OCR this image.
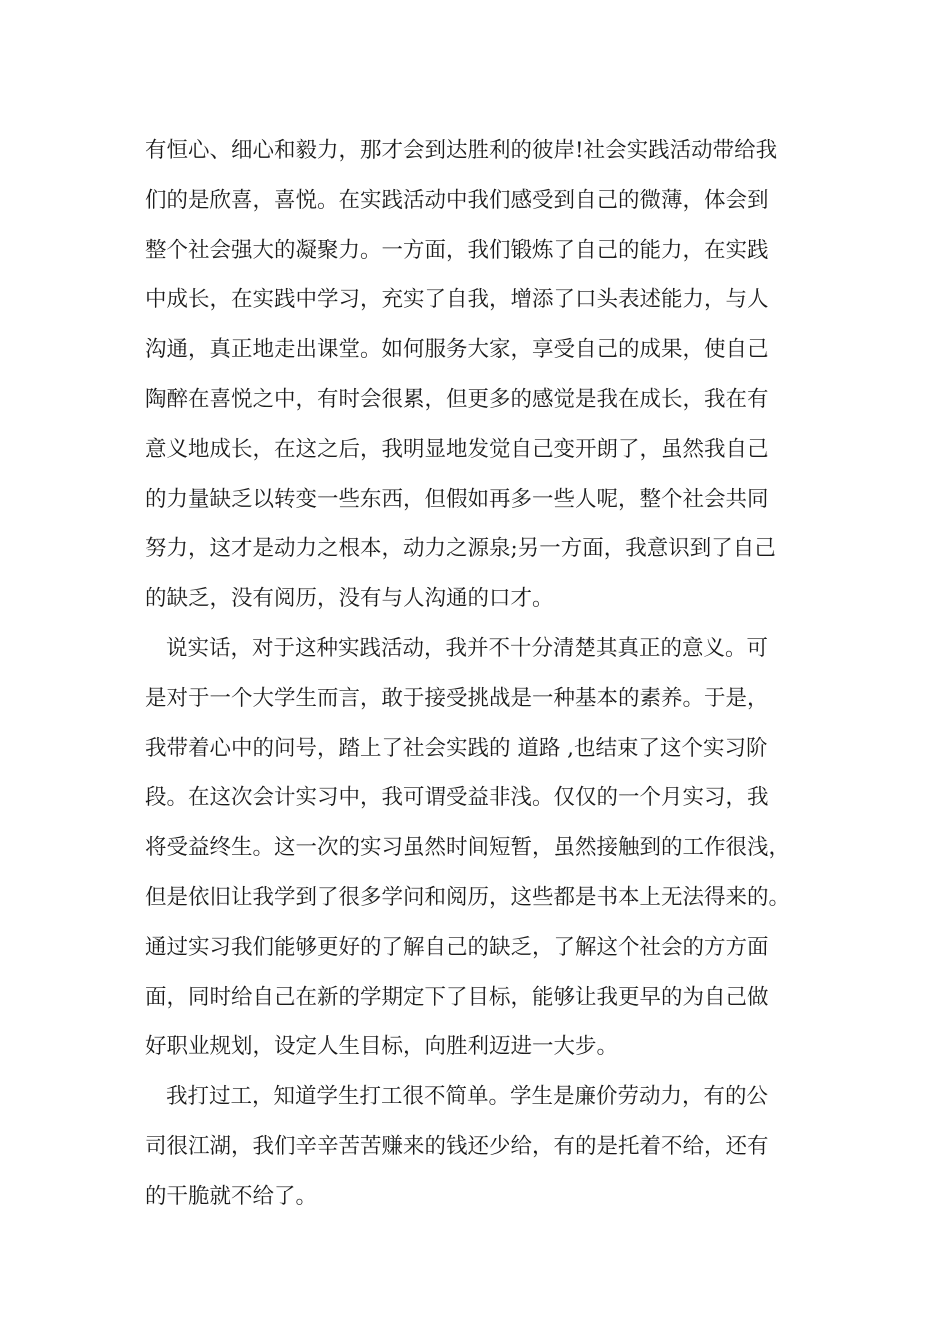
有恒心、细心和毅力，那才会到达胜利的彼岸!社会实践活动带给我
们的是欣喜，喜悦。在实践活动中我们感受到自己的微薄，体会到
整个社会强大的凝聚力。一方面，我们锻炼了自己的能力，在实践
中成长，在实践中学习，充实了自我，增添了口头表述能力，与人
沟通，真正地走出课堂。如何服务大家，享受自己的成果，使自己
陶醉在喜悦之中，有时会很累，但更多的感觉是我在成长，我在有
意义地成长，在这之后，我明显地发觉自己变开朗了，虽然我自己
的力量缺乏以转变一些东西，但假如再多一些人呢，整个社会共同
努力，这才是动力之根本，动力之源泉;另一方面，我意识到了自己
的缺乏，没有阅历，没有与人沟通的口才。
说实话，对于这种实践活动，我并不十分清楚其真正的意义。可
是对于一个大学生而言，敢于接受挑战是一种基本的素养。于是，
我带着心中的问号，踏上了社会实践的 道路 ,也结束了这个实习阶
段。在这次会计实习中，我可谓受益非浅。仅仅的一个月实习，我
将受益终生。这一次的实习虽然时间短暂，虽然接触到的工作很浅，
但是依旧让我学到了很多学问和阅历，这些都是书本上无法得来的。
通过实习我们能够更好的了解自己的缺乏，了解这个社会的方方面
面，同时给自己在新的学期定下了目标，能够让我更早的为自己做
好职业规划，设定人生目标，向胜利迈进一大步。
我打过工，知道学生打工很不简单。学生是廉价劳动力，有的公
司很江湖，我们辛辛苦苦赚来的钱还少给，有的是托着不给，还有
的干脆就不给了。
